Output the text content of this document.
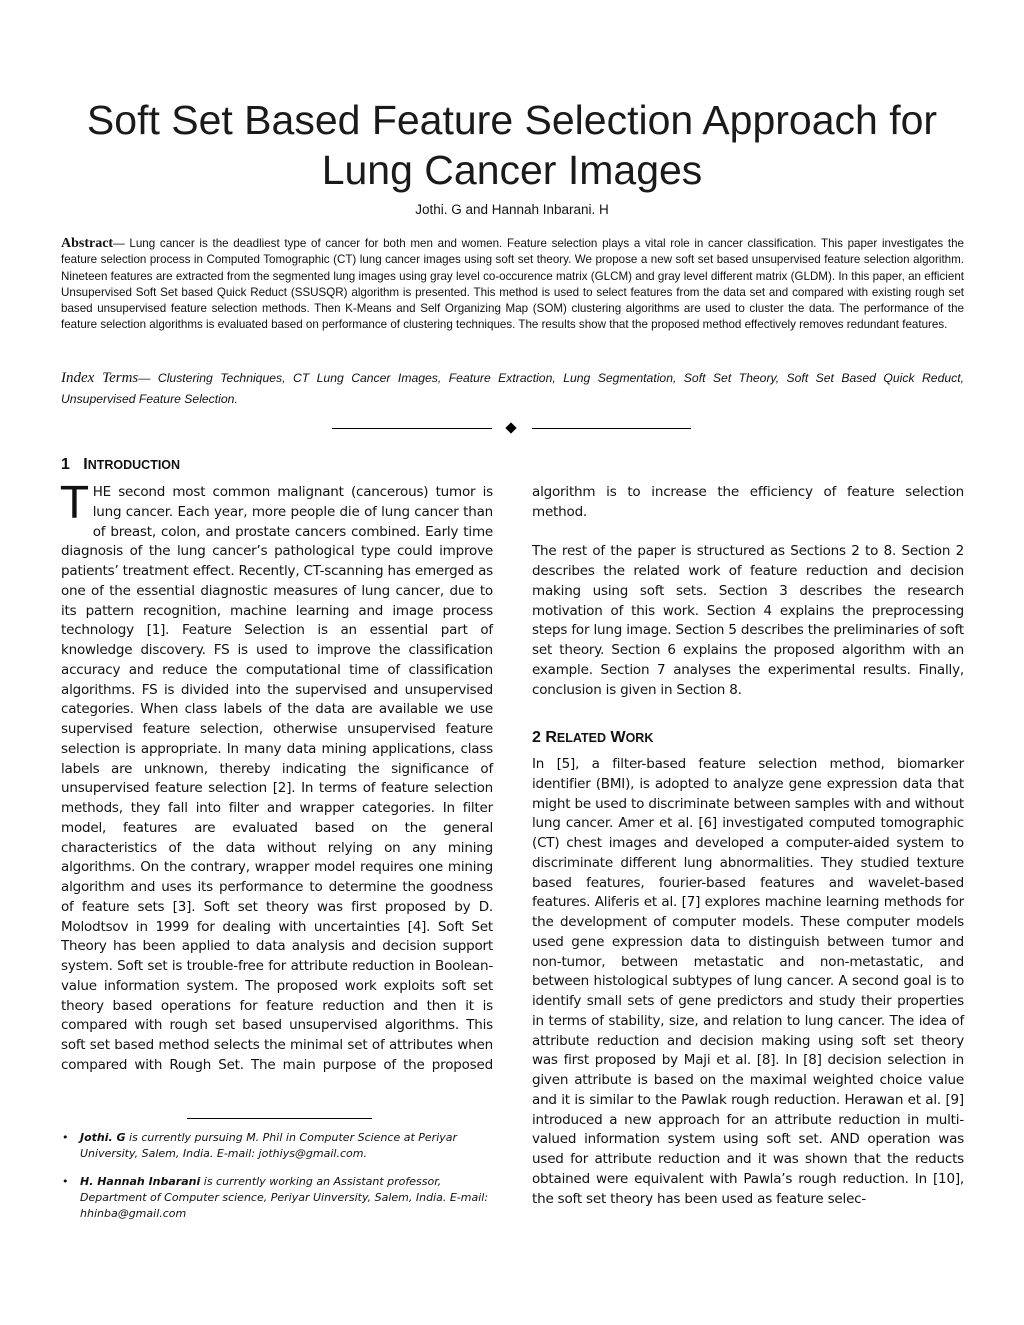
Soft Set Based Feature Selection Approach for Lung Cancer Images
Jothi. G and Hannah Inbarani. H

Abstract— Lung cancer is the deadliest type of cancer for both men and women. Feature selection plays a vital role in cancer classification. This paper investigates the feature selection process in Computed Tomographic (CT) lung cancer images using soft set theory. We propose a new soft set based unsupervised feature selection algorithm. Nineteen features are extracted from the segmented lung images using gray level co-occurence matrix (GLCM) and gray level different matrix (GLDM). In this paper, an efficient Unsupervised Soft Set based Quick Reduct (SSUSQR) algorithm is presented. This method is used to select features from the data set and compared with existing rough set based unsupervised feature selection methods. Then K-Means and Self Organizing Map (SOM) clustering algorithms are used to cluster the data. The performance of the feature selection algorithms is evaluated based on performance of clustering techniques. The results show that the proposed method effectively removes redundant features.

Index Terms— Clustering Techniques, CT Lung Cancer Images, Feature Extraction, Lung Segmentation, Soft Set Theory, Soft Set Based Quick Reduct, Unsupervised Feature Selection.

1 INTRODUCTION

THE second most common malignant (cancerous) tumor is lung cancer. Each year, more people die of lung cancer than of breast, colon, and prostate cancers combined. Early time diagnosis of the lung cancer’s pathological type could improve patients’ treatment effect. Recently, CT-scanning has emerged as one of the essential diagnostic measures of lung cancer, due to its pattern recognition, machine learning and image process technology [1]. Feature Selection is an essential part of knowledge discovery. FS is used to improve the classification accuracy and reduce the computational time of classification algorithms. FS is divided into the supervised and unsupervised categories. When class labels of the data are available we use supervised feature selection, otherwise unsupervised feature selection is appropriate. In many data mining applications, class labels are unknown, thereby indicating the significance of unsupervised feature selection [2]. In terms of feature selection methods, they fall into filter and wrapper categories. In filter model, features are evaluated based on the general characteristics of the data without relying on any mining algorithms. On the contrary, wrapper model requires one mining algorithm and uses its performance to determine the goodness of feature sets [3]. Soft set theory was first proposed by D. Molodtsov in 1999 for dealing with uncertainties [4]. Soft Set Theory has been applied to data analysis and decision support system. Soft set is trouble-free for attribute reduction in Boolean-value information system. The proposed work exploits soft set theory based operations for feature reduction and then it is compared with rough set based unsupervised algorithms. This soft set based method selects the minimal set of attributes when compared with Rough Set. The main purpose of the proposed algorithm is to increase the efficiency of feature selection method.

The rest of the paper is structured as Sections 2 to 8. Section 2 describes the related work of feature reduction and decision making using soft sets. Section 3 describes the research motivation of this work. Section 4 explains the preprocessing steps for lung image. Section 5 describes the preliminaries of soft set theory. Section 6 explains the proposed algorithm with an example. Section 7 analyses the experimental results. Finally, conclusion is given in Section 8.

2 RELATED WORK

In [5], a filter-based feature selection method, biomarker identifier (BMI), is adopted to analyze gene expression data that might be used to discriminate between samples with and without lung cancer. Amer et al. [6] investigated computed tomographic (CT) chest images and developed a computer-aided system to discriminate different lung abnormalities. They studied texture based features, fourier-based features and wavelet-based features. Aliferis et al. [7] explores machine learning methods for the development of computer models. These computer models used gene expression data to distinguish between tumor and non-tumor, between metastatic and non-metastatic, and between histological subtypes of lung cancer. A second goal is to identify small sets of gene predictors and study their properties in terms of stability, size, and relation to lung cancer. The idea of attribute reduction and decision making using soft set theory was first proposed by Maji et al. [8]. In [8] decision selection in given attribute is based on the maximal weighted choice value and it is similar to the Pawlak rough reduction. Herawan et al. [9] introduced a new approach for an attribute reduction in multi-valued information system using soft set. AND operation was used for attribute reduction and it was shown that the reducts obtained were equivalent with Pawla’s rough reduction. In [10], the soft set theory has been used as feature selec-

•	Jothi. G is currently pursuing M. Phil in Computer Science at Periyar University, Salem, India. E-mail: jothiys@gmail.com.

•	H. Hannah Inbarani is currently working an Assistant professor, Department of Computer science, Periyar Uinversity, Salem, India. E-mail: hhinba@gmail.com
